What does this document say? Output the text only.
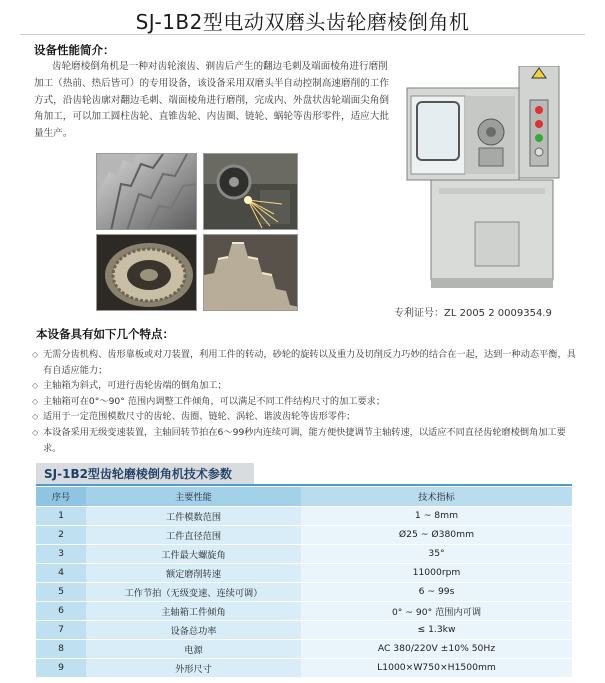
SJ-1B2型电动双磨头齿轮磨棱倒角机
设备性能简介：
齿轮磨棱倒角机是一种对齿轮滚齿、剃齿后产生的翻边毛刺及端面棱角进行磨削加工（热前、热后皆可）的专用设备，该设备采用双磨头半自动控制高速磨削的工作方式，沿齿轮齿廓对翻边毛刺、端面棱角进行磨削，完成内、外盘状齿轮端面尖角倒角加工，可以加工圆柱齿轮、直锥齿轮、内齿圈、链轮、蜗轮等齿形零件，适应大批量生产。
专利证号：ZL 2005 2 0009354.9
本设备具有如下几个特点：
◇ 无需分齿机构、齿形靠板或对刀装置，利用工件的转动，砂轮的旋转以及重力及切削反力巧妙的结合在一起，达到一种动态平衡，具有自适应能力；
◇ 主轴箱为斜式，可进行齿轮齿端的倒角加工；
◇ 主轴箱可在0°～90° 范围内调整工件倾角，可以满足不同工件结构尺寸的加工要求；
◇ 适用于一定范围模数尺寸的齿轮、齿圈、链轮、涡轮、谐波齿轮等齿形零件；
◇ 本设备采用无级变速装置，主轴回转节拍在6～99秒内连续可调，能方便快捷调节主轴转速，以适应不同直径齿轮磨棱倒角加工要求。
SJ-1B2型齿轮磨棱倒角机技术参数
序号	主要性能	技术指标
1	工件模数范围	1 ~ 8mm
2	工件直径范围	Ø25 ~ Ø380mm
3	工件最大螺旋角	35°
4	额定磨削转速	11000rpm
5	工作节拍（无级变速、连续可调）	6 ~ 99s
6	主轴箱工件倾角	0° ~ 90° 范围内可调
7	设备总功率	≤ 1.3kw
8	电源	AC 380/220V ±10% 50Hz
9	外形尺寸	L1000×W750×H1500mm
